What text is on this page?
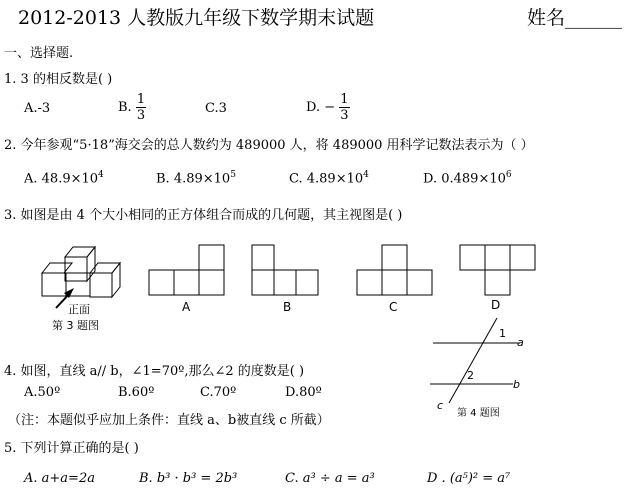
2012-2013 人教版九年级下数学期末试题	姓名______
一、选择题.
1. 3 的相反数是( )
A.-3	B. $\frac{1}{3}$	C.3	D. − $\frac{1}{3}$
2. 今年参观“5·18”海交会的总人数约为 489000 人，将 489000 用科学记数法表示为（ ）
A. $48.9\times 10^4$	B. $4.89\times 10^5$	C. $4.89\times 10^4$	D. $0.489\times 10^6$
3. 如图是由 4 个大小相同的正方体组合而成的几何题，其主视图是( )
正面
第 3 题图
A	B	C	D
1
2
a
b
c
第 4 题图
4. 如图，直线 a// b，∠1=70º,那么∠2 的度数是( )
A.50º	B.60º	C.70º	D.80º
（注：本题似乎应加上条件：直线 a、b被直线 c 所截）
5. 下列计算正确的是( )
A. a+a=2a	B. b³ · b³ = 2b³	C. a³ ÷ a = a³	D . (a⁵)² = a⁷
